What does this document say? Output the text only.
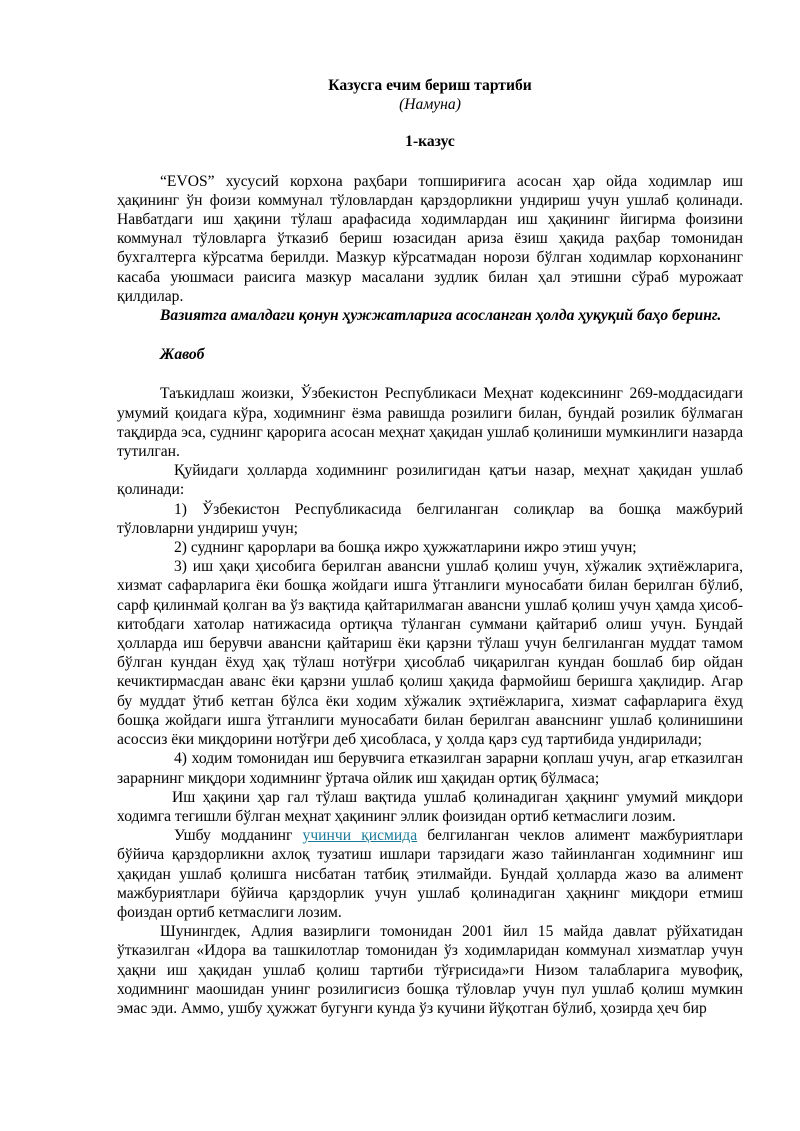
Казусга ечим бериш тартиби

(Намуна)

1-казус

“EVOS” хусусий корхона раҳбари топшириғига асосан ҳар ойда ходимлар иш ҳақининг ўн фоизи коммунал тўловлардан қарздорликни ундириш учун ушлаб қолинади. Навбатдаги иш ҳақини тўлаш арафасида ходимлардан иш ҳақининг йигирма фоизини коммунал тўловларга ўтказиб бериш юзасидан ариза ёзиш ҳақида раҳбар томонидан бухгалтерга кўрсатма берилди. Мазкур кўрсатмадан норози бўлган ходимлар корхонанинг касаба уюшмаси раисига мазкур масалани зудлик билан ҳал этишни сўраб мурожаат қилдилар.

Вазиятга амалдаги қонун ҳужжатларига асосланган ҳолда ҳуқуқий баҳо беринг.

Жавоб

Таъкидлаш жоизки, Ўзбекистон Республикаси Меҳнат кодексининг 269-моддасидаги умумий қоидага кўра, ходимнинг ёзма равишда розилиги билан, бундай розилик бўлмаган тақдирда эса, суднинг қарорига асосан меҳнат ҳақидан ушлаб қолиниши мумкинлиги назарда тутилган.

Қуйидаги ҳолларда ходимнинг розилигидан қатъи назар, меҳнат ҳақидан ушлаб қолинади:

1) Ўзбекистон Республикасида белгиланган солиқлар ва бошқа мажбурий тўловларни ундириш учун;

2) суднинг қарорлари ва бошқа ижро ҳужжатларини ижро этиш учун;

3) иш ҳақи ҳисобига берилган авансни ушлаб қолиш учун, хўжалик эҳтиёжларига, хизмат сафарларига ёки бошқа жойдаги ишга ўтганлиги муносабати билан берилган бўлиб, сарф қилинмай қолган ва ўз вақтида қайтарилмаган аванcни ушлаб қолиш учун ҳамда ҳисоб-китобдаги хатолар натижасида ортиқча тўланган суммани қайтариб олиш учун. Бундай ҳолларда иш берувчи авансни қайтариш ёки қарзни тўлаш учун белгиланган муддат тамом бўлган кундан ёхуд ҳақ тўлаш нотўғри ҳисоблаб чиқарилган кундан бошлаб бир ойдан кечиктирмасдан аванс ёки қарзни ушлаб қолиш ҳақида фармойиш беришга ҳақлидир. Агар бу муддат ўтиб кетган бўлса ёки ходим хўжалик эҳтиёжларига, хизмат сафарларига ёхуд бошқа жойдаги ишга ўтганлиги муносабати билан берилган аванснинг ушлаб қолинишини асоссиз ёки миқдорини нотўғри деб ҳисобласа, у ҳолда қарз суд тартибида ундирилади;

4) ходим томонидан иш берувчига етказилган зарарни қоплаш учун, агар етказилган зарарнинг миқдори ходимнинг ўртача ойлик иш ҳақидан ортиқ бўлмаса;

Иш ҳақини ҳар гал тўлаш вақтида ушлаб қолинадиган ҳақнинг умумий миқдори ходимга тегишли бўлган меҳнат ҳақининг эллик фоизидан ортиб кетмаслиги лозим.

Ушбу модданинг учинчи қисмида белгиланган чеклов алимент мажбуриятлари бўйича қарздорликни ахлоқ тузатиш ишлари тарзидаги жазо тайинланган ходимнинг иш ҳақидан ушлаб қолишга нисбатан татбиқ этилмайди. Бундай ҳолларда жазо ва алимент мажбуриятлари бўйича қарздорлик учун ушлаб қолинадиган ҳақнинг миқдори етмиш фоиздан ортиб кетмаслиги лозим.

Шунингдек, Адлия вазирлиги томонидан 2001 йил 15 майда давлат рўйхатидан ўтказилган «Идора ва ташкилотлар томонидан ўз ходимларидан коммунал хизматлар учун ҳақни иш ҳақидан ушлаб қолиш тартиби тўғрисида»ги Низом талабларига мувофиқ, ходимнинг маошидан унинг розилигисиз бошқа тўловлар учун пул ушлаб қолиш мумкин эмас эди. Аммо, ушбу ҳужжат бугунги кунда ўз кучини йўқотган бўлиб, ҳозирда ҳеч бир
